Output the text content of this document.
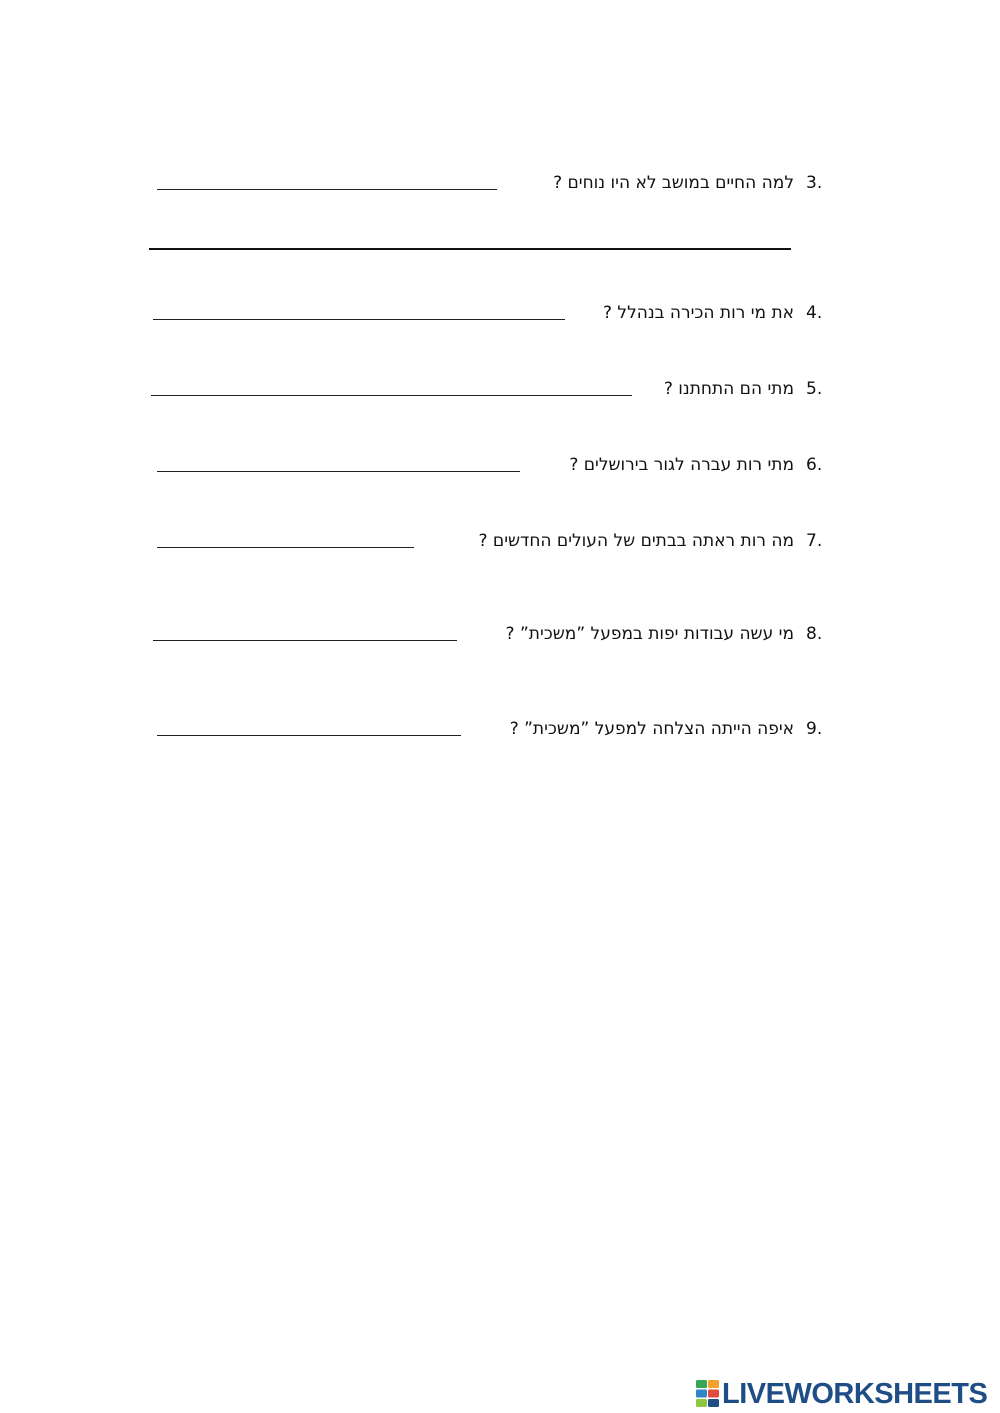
3.
למה החיים במושב לא היו נוחים ?
4.
את מי רות הכירה בנהלל ?
5.
מתי הם התחתנו ?
6.
מתי רות עברה לגור בירושלים ?
7.
מה רות ראתה בבתים של העולים החדשים ?
8.
מי עשה עבודות יפות במפעל ”משכית” ?
9.
איפה הייתה הצלחה למפעל ”משכית” ?
LIVEWORKSHEETS
